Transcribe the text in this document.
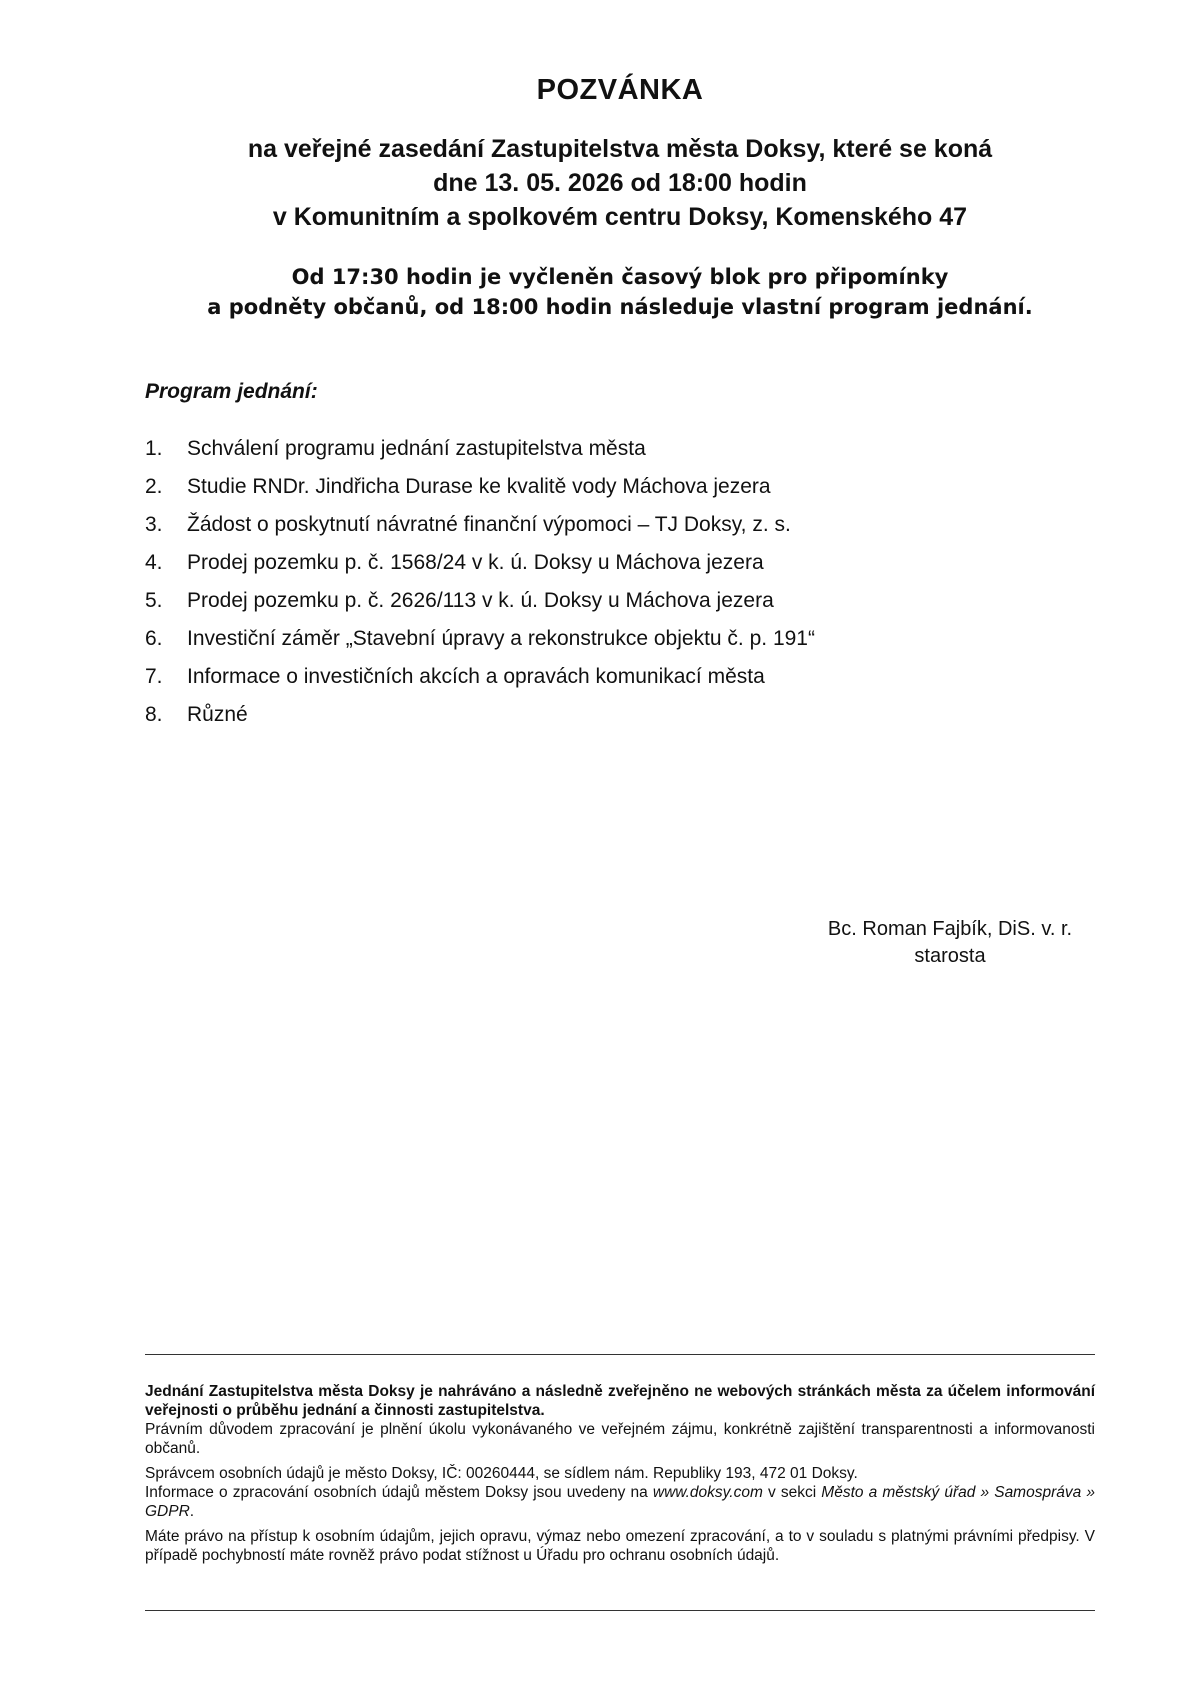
POZVÁNKA
na veřejné zasedání Zastupitelstva města Doksy, které se koná
dne 13. 05. 2026 od 18:00 hodin
v Komunitním a spolkovém centru Doksy, Komenského 47
Od 17:30 hodin je vyčleněn časový blok pro připomínky
a podněty občanů, od 18:00 hodin následuje vlastní program jednání.
Program jednání:
1. Schválení programu jednání zastupitelstva města
2. Studie RNDr. Jindřicha Durase ke kvalitě vody Máchova jezera
3. Žádost o poskytnutí návratné finanční výpomoci – TJ Doksy, z. s.
4. Prodej pozemku p. č. 1568/24 v k. ú. Doksy u Máchova jezera
5. Prodej pozemku p. č. 2626/113 v k. ú. Doksy u Máchova jezera
6. Investiční záměr „Stavební úpravy a rekonstrukce objektu č. p. 191“
7. Informace o investičních akcích a opravách komunikací města
8. Různé
Bc. Roman Fajbík, DiS. v. r.
starosta

Jednání Zastupitelstva města Doksy je nahráváno a následně zveřejněno ne webových stránkách města za účelem informování veřejnosti o průběhu jednání a činnosti zastupitelstva.
Právním důvodem zpracování je plnění úkolu vykonávaného ve veřejném zájmu, konkrétně zajištění transparentnosti a informovanosti občanů.

Správcem osobních údajů je město Doksy, IČ: 00260444, se sídlem nám. Republiky 193, 472 01 Doksy.
Informace o zpracování osobních údajů městem Doksy jsou uvedeny na www.doksy.com v sekci Město a městský úřad » Samospráva » GDPR.

Máte právo na přístup k osobním údajům, jejich opravu, výmaz nebo omezení zpracování, a to v souladu s platnými právními předpisy. V případě pochybností máte rovněž právo podat stížnost u Úřadu pro ochranu osobních údajů.
